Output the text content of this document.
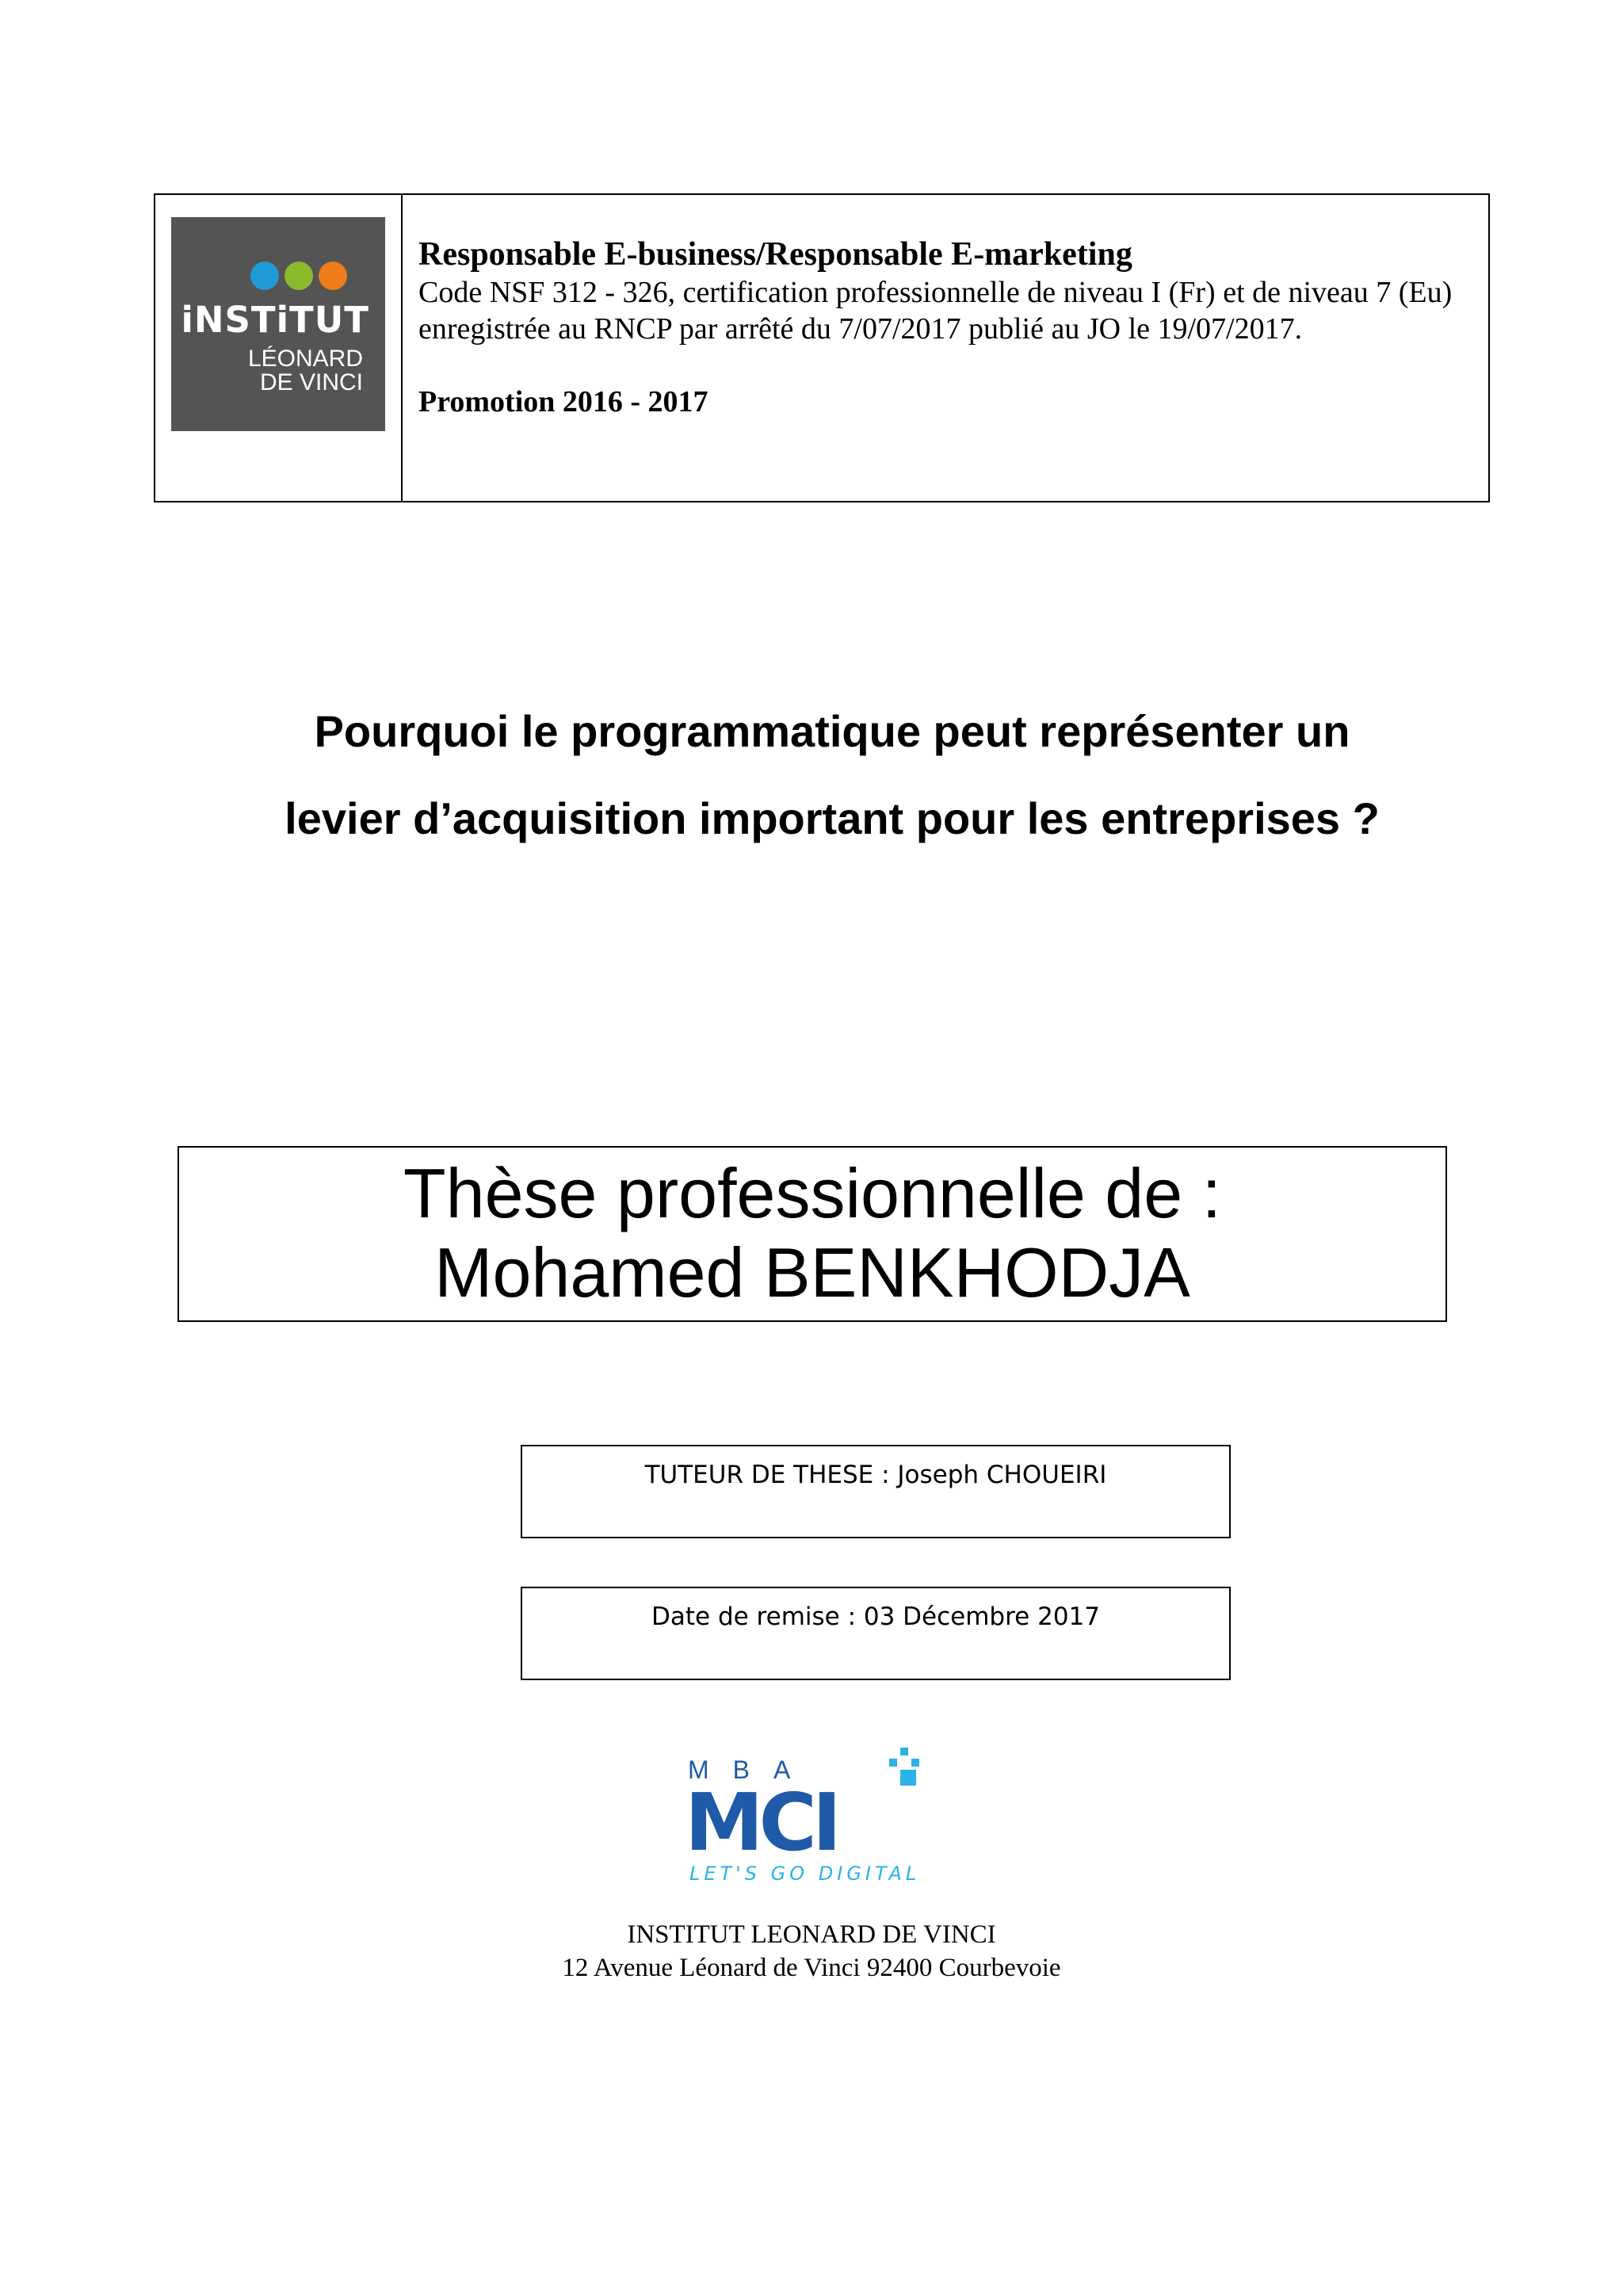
iNSTiTUT
LÉONARD
DE VINCI
Responsable E-business/Responsable E-marketing
Code NSF 312 - 326, certification professionnelle de niveau I (Fr) et de niveau 7 (Eu)
enregistrée au RNCP par arrêté du 7/07/2017 publié au JO le 19/07/2017.
Promotion 2016 - 2017
Pourquoi le programmatique peut représenter un
levier d’acquisition important pour les entreprises ?
Thèse professionnelle de :
Mohamed BENKHODJA
TUTEUR DE THESE : Joseph CHOUEIRI
Date de remise : 03 Décembre 2017
MBA
MCI
LET'S GO DIGITAL
INSTITUT LEONARD DE VINCI
12 Avenue Léonard de Vinci 92400 Courbevoie
